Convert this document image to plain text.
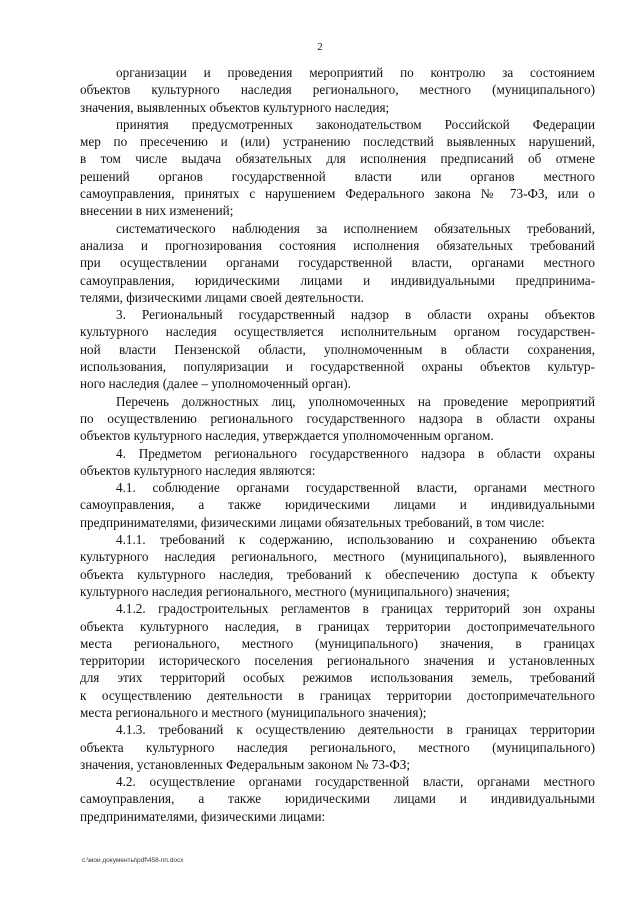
2
организации и проведения мероприятий по контролю за состоянием
объектов культурного наследия регионального, местного (муниципального)
значения, выявленных объектов культурного наследия;
принятия предусмотренных законодательством Российской Федерации
мер по пресечению и (или) устранению последствий выявленных нарушений,
в том числе выдача обязательных для исполнения предписаний об отмене
решений органов государственной власти или органов местного
самоуправления, принятых с нарушением Федерального закона № 73-ФЗ, или о
внесении в них изменений;
систематического наблюдения за исполнением обязательных требований,
анализа и прогнозирования состояния исполнения обязательных требований
при осуществлении органами государственной власти, органами местного
самоуправления, юридическими лицами и индивидуальными предпринима-
телями, физическими лицами своей деятельности.
3. Региональный государственный надзор в области охраны объектов
культурного наследия осуществляется исполнительным органом государствен-
ной власти Пензенской области, уполномоченным в области сохранения,
использования, популяризации и государственной охраны объектов культур-
ного наследия (далее – уполномоченный орган).
Перечень должностных лиц, уполномоченных на проведение мероприятий
по осуществлению регионального государственного надзора в области охраны
объектов культурного наследия, утверждается уполномоченным органом.
4. Предметом регионального государственного надзора в области охраны
объектов культурного наследия являются:
4.1. соблюдение органами государственной власти, органами местного
самоуправления, а также юридическими лицами и индивидуальными
предпринимателями, физическими лицами обязательных требований, в том числе:
4.1.1. требований к содержанию, использованию и сохранению объекта
культурного наследия регионального, местного (муниципального), выявленного
объекта культурного наследия, требований к обеспечению доступа к объекту
культурного наследия регионального, местного (муниципального) значения;
4.1.2. градостроительных регламентов в границах территорий зон охраны
объекта культурного наследия, в границах территории достопримечательного
места регионального, местного (муниципального) значения, в границах
территории исторического поселения регионального значения и установленных
для этих территорий особых режимов использования земель, требований
к осуществлению деятельности в границах территории достопримечательного
места регионального и местного (муниципального значения);
4.1.3. требований к осуществлению деятельности в границах территории
объекта культурного наследия регионального, местного (муниципального)
значения, установленных Федеральным законом № 73-ФЗ;
4.2. осуществление органами государственной власти, органами местного
самоуправления, а также юридическими лицами и индивидуальными
предпринимателями, физическими лицами:
c:\мои документы\pdf\458-пп.docx
